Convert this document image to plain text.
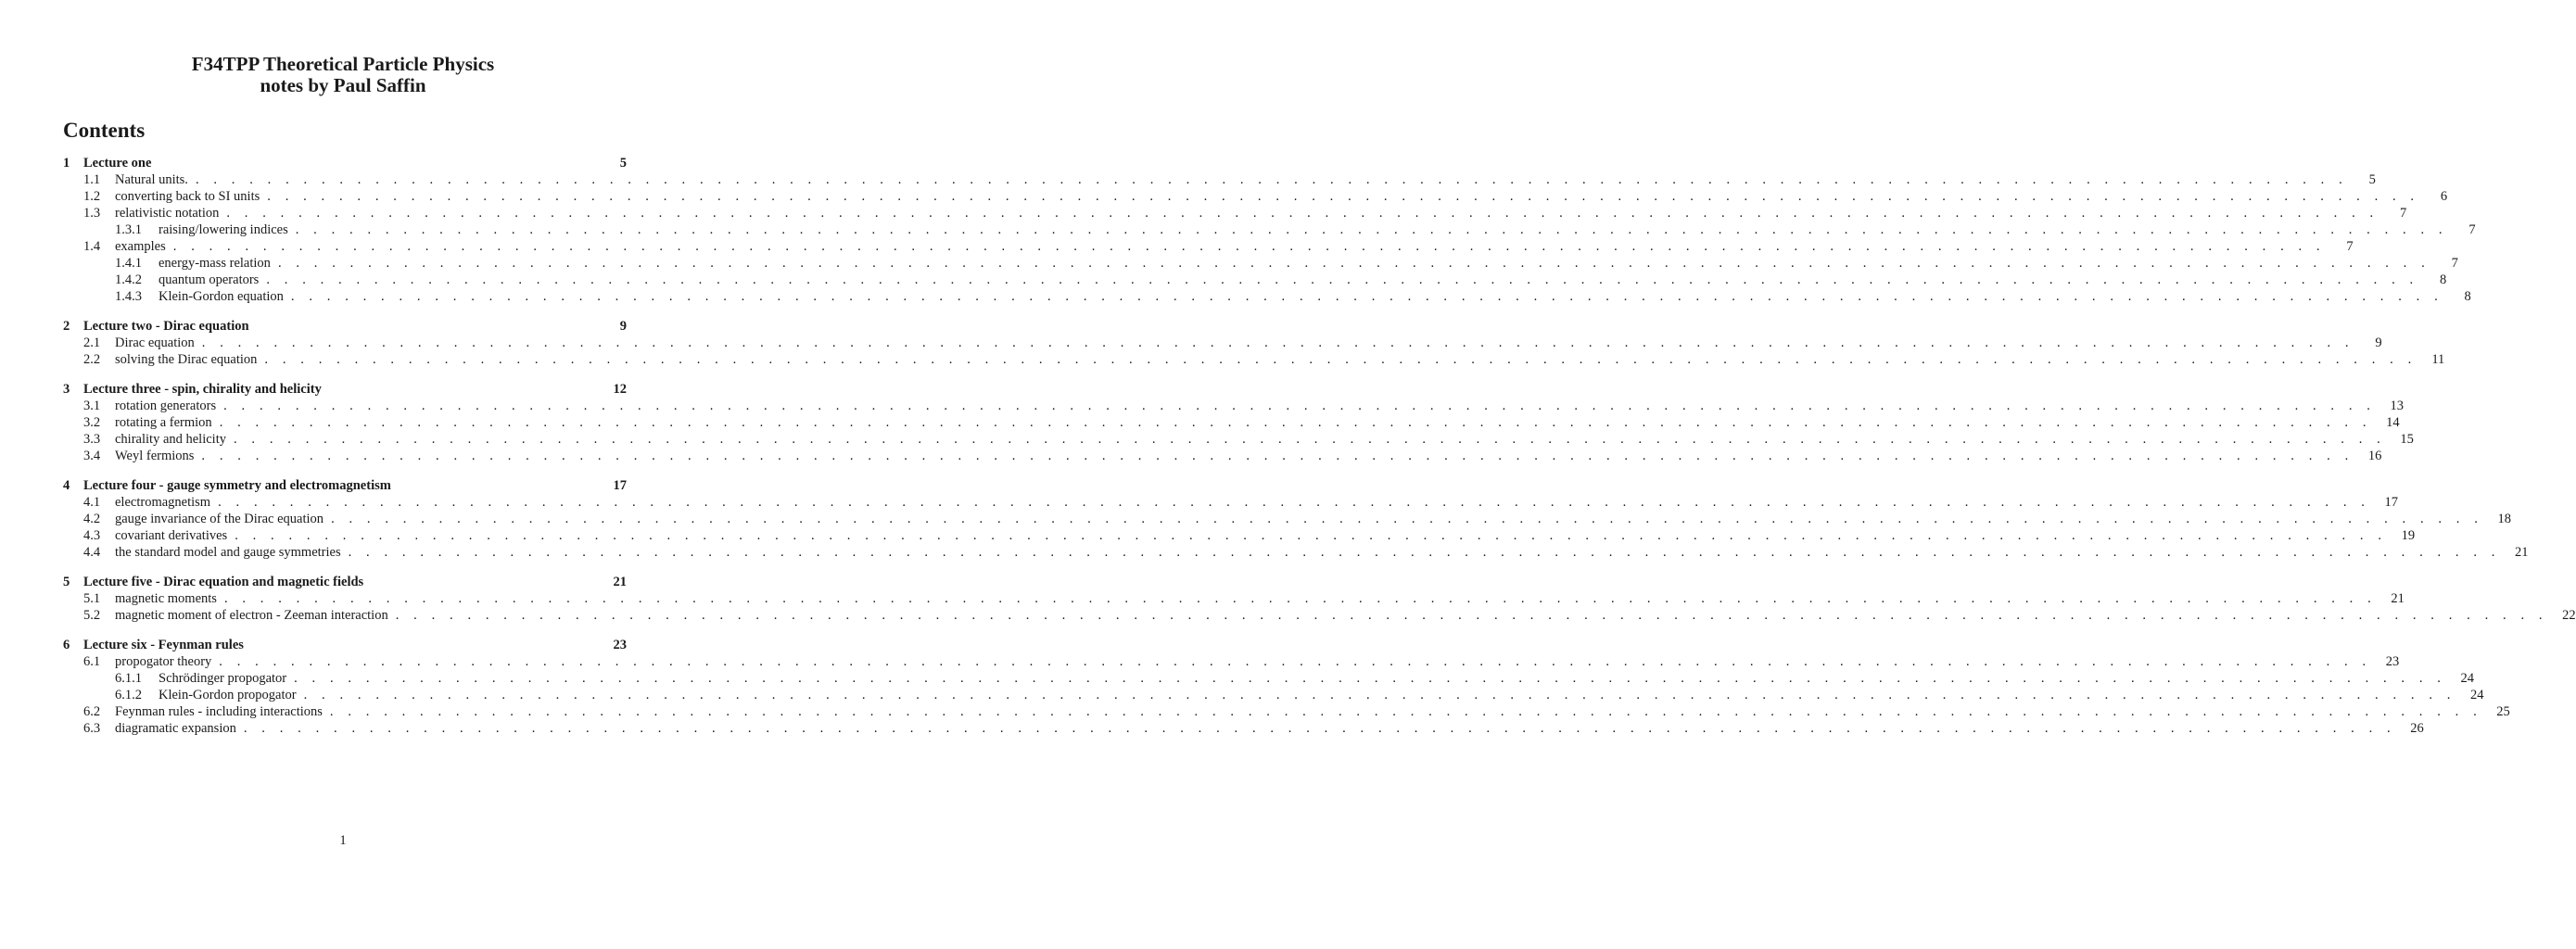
F34TPP Theoretical Particle Physics
notes by Paul Saffin
Contents
1	Lecture one	5
1.1	Natural units. . . . . . . . . . . . . . . . . . . . . . . . . . . . . . . . . . . . . . . . . . . . . . . . . . . . . . . . . . . . . . . . . . . . . . . . . . . . . . . . . . . . . . . . . . . . . . . . . . . . . . . . . . . . . . . . . . . . . . . . .	5
1.2	converting back to SI units . . . . . . . . . . . . . . . . . . . . . . . . . . . . . . . . . . . . . . . . . . . . . . . . . . . . . . . . . . . . . . . . . . . . . . . . . . . . . . . . . . . . . . . . . . . . . . . . . . . . . . . . . . . . . . . . . . . . . . . .	6
1.3	relativistic notation . . . . . . . . . . . . . . . . . . . . . . . . . . . . . . . . . . . . . . . . . . . . . . . . . . . . . . . . . . . . . . . . . . . . . . . . . . . . . . . . . . . . . . . . . . . . . . . . . . . . . . . . . . . . . . . . . . . . . . . .	7
1.3.1	raising/lowering indices . . . . . . . . . . . . . . . . . . . . . . . . . . . . . . . . . . . . . . . . . . . . . . . . . . . . . . . . . . . . . . . . . . . . . . . . . . . . . . . . . . . . . . . . . . . . . . . . . . . . . . . . . . . . . . . . . . . . . . . .	7
1.4	examples . . . . . . . . . . . . . . . . . . . . . . . . . . . . . . . . . . . . . . . . . . . . . . . . . . . . . . . . . . . . . . . . . . . . . . . . . . . . . . . . . . . . . . . . . . . . . . . . . . . . . . . . . . . . . . . . . . . . . . . .	7
1.4.1	energy-mass relation . . . . . . . . . . . . . . . . . . . . . . . . . . . . . . . . . . . . . . . . . . . . . . . . . . . . . . . . . . . . . . . . . . . . . . . . . . . . . . . . . . . . . . . . . . . . . . . . . . . . . . . . . . . . . . . . . . . . . . . .	7
1.4.2	quantum operators . . . . . . . . . . . . . . . . . . . . . . . . . . . . . . . . . . . . . . . . . . . . . . . . . . . . . . . . . . . . . . . . . . . . . . . . . . . . . . . . . . . . . . . . . . . . . . . . . . . . . . . . . . . . . . . . . . . . . . . .	8
1.4.3	Klein-Gordon equation . . . . . . . . . . . . . . . . . . . . . . . . . . . . . . . . . . . . . . . . . . . . . . . . . . . . . . . . . . . . . . . . . . . . . . . . . . . . . . . . . . . . . . . . . . . . . . . . . . . . . . . . . . . . . . . . . . . . . . . .	8
2	Lecture two - Dirac equation	9
2.1	Dirac equation . . . . . . . . . . . . . . . . . . . . . . . . . . . . . . . . . . . . . . . . . . . . . . . . . . . . . . . . . . . . . . . . . . . . . . . . . . . . . . . . . . . . . . . . . . . . . . . . . . . . . . . . . . . . . . . . . . . . . . . .	9
2.2	solving the Dirac equation . . . . . . . . . . . . . . . . . . . . . . . . . . . . . . . . . . . . . . . . . . . . . . . . . . . . . . . . . . . . . . . . . . . . . . . . . . . . . . . . . . . . . . . . . . . . . . . . . . . . . . . . . . . . . . . . . . . . . . . .	11
3	Lecture three - spin, chirality and helicity	12
3.1	rotation generators . . . . . . . . . . . . . . . . . . . . . . . . . . . . . . . . . . . . . . . . . . . . . . . . . . . . . . . . . . . . . . . . . . . . . . . . . . . . . . . . . . . . . . . . . . . . . . . . . . . . . . . . . . . . . . . . . . . . . . . .	13
3.2	rotating a fermion . . . . . . . . . . . . . . . . . . . . . . . . . . . . . . . . . . . . . . . . . . . . . . . . . . . . . . . . . . . . . . . . . . . . . . . . . . . . . . . . . . . . . . . . . . . . . . . . . . . . . . . . . . . . . . . . . . . . . . . .	14
3.3	chirality and helicity . . . . . . . . . . . . . . . . . . . . . . . . . . . . . . . . . . . . . . . . . . . . . . . . . . . . . . . . . . . . . . . . . . . . . . . . . . . . . . . . . . . . . . . . . . . . . . . . . . . . . . . . . . . . . . . . . . . . . . . .	15
3.4	Weyl fermions . . . . . . . . . . . . . . . . . . . . . . . . . . . . . . . . . . . . . . . . . . . . . . . . . . . . . . . . . . . . . . . . . . . . . . . . . . . . . . . . . . . . . . . . . . . . . . . . . . . . . . . . . . . . . . . . . . . . . . . .	16
4	Lecture four - gauge symmetry and electromagnetism	17
4.1	electromagnetism . . . . . . . . . . . . . . . . . . . . . . . . . . . . . . . . . . . . . . . . . . . . . . . . . . . . . . . . . . . . . . . . . . . . . . . . . . . . . . . . . . . . . . . . . . . . . . . . . . . . . . . . . . . . . . . . . . . . . . . .	17
4.2	gauge invariance of the Dirac equation . . . . . . . . . . . . . . . . . . . . . . . . . . . . . . . . . . . . . . . . . . . . . . . . . . . . . . . . . . . . . . . . . . . . . . . . . . . . . . . . . . . . . . . . . . . . . . . . . . . . . . . . . . . . . . . . . . . . . . . .	18
4.3	covariant derivatives . . . . . . . . . . . . . . . . . . . . . . . . . . . . . . . . . . . . . . . . . . . . . . . . . . . . . . . . . . . . . . . . . . . . . . . . . . . . . . . . . . . . . . . . . . . . . . . . . . . . . . . . . . . . . . . . . . . . . . . .	19
4.4	the standard model and gauge symmetries . . . . . . . . . . . . . . . . . . . . . . . . . . . . . . . . . . . . . . . . . . . . . . . . . . . . . . . . . . . . . . . . . . . . . . . . . . . . . . . . . . . . . . . . . . . . . . . . . . . . . . . . . . . . . . . . . . . . . . . .	21
5	Lecture five - Dirac equation and magnetic fields	21
5.1	magnetic moments . . . . . . . . . . . . . . . . . . . . . . . . . . . . . . . . . . . . . . . . . . . . . . . . . . . . . . . . . . . . . . . . . . . . . . . . . . . . . . . . . . . . . . . . . . . . . . . . . . . . . . . . . . . . . . . . . . . . . . . .	21
5.2	magnetic moment of electron - Zeeman interaction . . . . . . . . . . . . . . . . . . . . . . . . . . . . . . . . . . . . . . . . . . . . . . . . . . . . . . . . . . . . . . . . . . . . . . . . . . . . . . . . . . . . . . . . . . . . . . . . . . . . . . . . . . . . . . . . . . . . . . . .	22
6	Lecture six - Feynman rules	23
6.1	propogator theory . . . . . . . . . . . . . . . . . . . . . . . . . . . . . . . . . . . . . . . . . . . . . . . . . . . . . . . . . . . . . . . . . . . . . . . . . . . . . . . . . . . . . . . . . . . . . . . . . . . . . . . . . . . . . . . . . . . . . . . .	23
6.1.1	Schrödinger propogator . . . . . . . . . . . . . . . . . . . . . . . . . . . . . . . . . . . . . . . . . . . . . . . . . . . . . . . . . . . . . . . . . . . . . . . . . . . . . . . . . . . . . . . . . . . . . . . . . . . . . . . . . . . . . . . . . . . . . . . .	24
6.1.2	Klein-Gordon propogator . . . . . . . . . . . . . . . . . . . . . . . . . . . . . . . . . . . . . . . . . . . . . . . . . . . . . . . . . . . . . . . . . . . . . . . . . . . . . . . . . . . . . . . . . . . . . . . . . . . . . . . . . . . . . . . . . . . . . . . .	24
6.2	Feynman rules - including interactions . . . . . . . . . . . . . . . . . . . . . . . . . . . . . . . . . . . . . . . . . . . . . . . . . . . . . . . . . . . . . . . . . . . . . . . . . . . . . . . . . . . . . . . . . . . . . . . . . . . . . . . . . . . . . . . . . . . . . . . .	25
6.3	diagramatic expansion . . . . . . . . . . . . . . . . . . . . . . . . . . . . . . . . . . . . . . . . . . . . . . . . . . . . . . . . . . . . . . . . . . . . . . . . . . . . . . . . . . . . . . . . . . . . . . . . . . . . . . . . . . . . . . . . . . . . . . . .	26
1
